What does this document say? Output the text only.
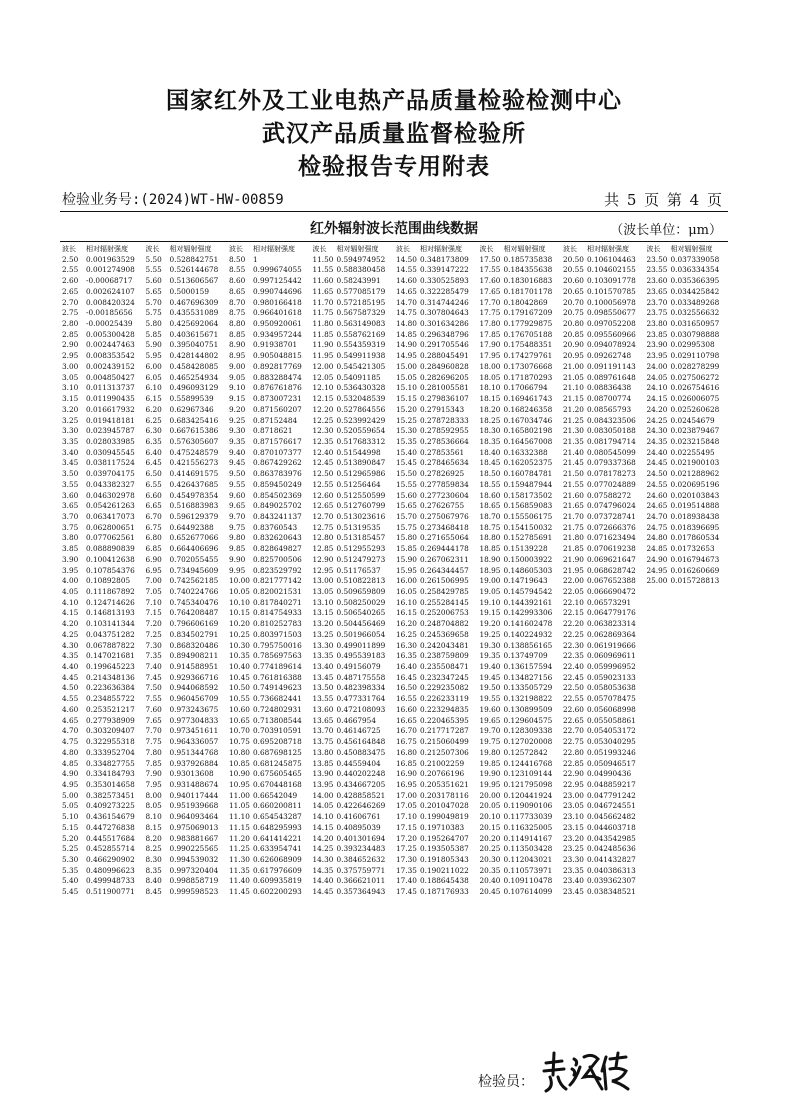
国家红外及工业电热产品质量检验检测中心
武汉产品质量监督检验所
检验报告专用附表
检验业务号:(2024)WT-HW-00859	共 5 页 第 4 页
红外辐射波长范围曲线数据	（波长单位：μm）
波长	相对辐射强度
2.50	0.001963529
2.55	0.001274908
2.60	-0.00068717
2.65	0.002624107
2.70	0.008420324
2.75	-0.00185656
2.80	-0.00025439
2.85	0.005300428
2.90	0.002447463
2.95	0.008353542
3.00	0.002439152
3.05	0.004850427
3.10	0.011313737
3.15	0.011990435
3.20	0.016617932
3.25	0.019418181
3.30	0.023945787
3.35	0.028033985
3.40	0.030945545
3.45	0.038117524
3.50	0.039704175
3.55	0.043382327
3.60	0.046302978
3.65	0.054261263
3.70	0.063417073
3.75	0.062800651
3.80	0.077062561
3.85	0.088890839
3.90	0.100412638
3.95	0.107854376
4.00	0.10892805
4.05	0.111867892
4.10	0.124714626
4.15	0.146813193
4.20	0.103141344
4.25	0.043751282
4.30	0.067887822
4.35	0.147021681
4.40	0.199645223
4.45	0.214348136
4.50	0.223636384
4.55	0.234855722
4.60	0.253521217
4.65	0.277938909
4.70	0.303209407
4.75	0.322955318
4.80	0.333952704
4.85	0.334827755
4.90	0.334184793
4.95	0.353014658
5.00	0.382573451
5.05	0.409273225
5.10	0.436154679
5.15	0.447276838
5.20	0.445517684
5.25	0.452855714
5.30	0.466290902
5.35	0.480996623
5.40	0.499948733
5.45	0.511900771
波长	相对辐射强度
5.50	0.528842751
5.55	0.526144678
5.60	0.513606567
5.65	0.5000159
5.70	0.467696309
5.75	0.435531089
5.80	0.425692064
5.85	0.403615671
5.90	0.395040751
5.95	0.428144802
6.00	0.458428085
6.05	0.465254934
6.10	0.496093129
6.15	0.55899539
6.20	0.62967346
6.25	0.683425416
6.30	0.667615386
6.35	0.576305607
6.40	0.475248579
6.45	0.421556273
6.50	0.414691575
6.55	0.426437685
6.60	0.454978354
6.65	0.516883983
6.70	0.596129379
6.75	0.64492388
6.80	0.652677066
6.85	0.664406696
6.90	0.702055455
6.95	0.734945609
7.00	0.742562185
7.05	0.740224766
7.10	0.745340476
7.15	0.764208487
7.20	0.796606169
7.25	0.834502791
7.30	0.868320486
7.35	0.894908211
7.40	0.914588951
7.45	0.929366716
7.50	0.944068592
7.55	0.960456709
7.60	0.973243675
7.65	0.977304833
7.70	0.973451611
7.75	0.964336057
7.80	0.951344768
7.85	0.937926884
7.90	0.93013608
7.95	0.931488674
8.00	0.940117444
8.05	0.951939668
8.10	0.964093464
8.15	0.975069013
8.20	0.983881667
8.25	0.990225565
8.30	0.994539032
8.35	0.997320404
8.40	0.998858719
8.45	0.999598523
波长	相对辐射强度
8.50	1
8.55	0.999674055
8.60	0.997125442
8.65	0.990744696
8.70	0.980166418
8.75	0.966401618
8.80	0.950920061
8.85	0.934957244
8.90	0.91938701
8.95	0.905048815
9.00	0.892817769
9.05	0.883288474
9.10	0.876761876
9.15	0.873007231
9.20	0.871560207
9.25	0.87152484
9.30	0.8718621
9.35	0.871576617
9.40	0.870107377
9.45	0.867429262
9.50	0.863783976
9.55	0.859450249
9.60	0.854502369
9.65	0.849025702
9.70	0.843241137
9.75	0.83760543
9.80	0.832620643
9.85	0.828649827
9.90	0.825700506
9.95	0.823529792
10.00 0.821777142
10.05 0.820021531
10.10 0.817840271
10.15 0.814754933
10.20 0.810252783
10.25 0.803971503
10.30 0.795750016
10.35 0.785697563
10.40 0.774189614
10.45 0.761816388
10.50 0.749149623
10.55 0.736682441
10.60 0.724802931
10.65 0.713808544
10.70 0.703910591
10.75 0.695208718
10.80 0.687698125
10.85 0.681245875
10.90 0.675605465
10.95 0.670448168
11.00 0.66542049
11.05 0.660200811
11.10 0.654543287
11.15 0.648295993
11.20 0.641414221
11.25 0.633954741
11.30 0.626068909
11.35 0.617976609
11.40 0.609935819
11.45 0.602200293
波长	相对辐射强度
11.50 0.594974952
11.55 0.588380458
11.60 0.58243991
11.65 0.577085179
11.70 0.572185195
11.75 0.567587329
11.80 0.563149083
11.85 0.558762169
11.90 0.554359319
11.95 0.549911938
12.00 0.545421305
12.05 0.54091185
12.10 0.536430328
12.15 0.532048539
12.20 0.527864556
12.25 0.523992429
12.30 0.520559654
12.35 0.517683312
12.40 0.51544998
12.45 0.513890847
12.50 0.512965986
12.55 0.51256464
12.60 0.512550599
12.65 0.512760799
12.70 0.513023616
12.75 0.51319535
12.80 0.513185457
12.85 0.512955293
12.90 0.512479273
12.95 0.51176537
13.00 0.510822813
13.05 0.509659809
13.10 0.508250029
13.15 0.506540265
13.20 0.504456469
13.25 0.501966054
13.30 0.499011899
13.35 0.495539183
13.40 0.49156079
13.45 0.487175558
13.50 0.482398334
13.55 0.477331764
13.60 0.472108093
13.65 0.4667954
13.70 0.46146725
13.75 0.456164848
13.80 0.450883475
13.85 0.44559404
13.90 0.440202248
13.95 0.434667205
14.00 0.428858521
14.05 0.422646269
14.10 0.41606761
14.15 0.40895039
14.20 0.401301694
14.25 0.393234483
14.30 0.384652632
14.35 0.375759771
14.40 0.366621011
14.45 0.357364943
波长	相对辐射强度
14.50 0.348173809
14.55 0.339147222
14.60 0.330525893
14.65 0.322285479
14.70 0.314744246
14.75 0.307804643
14.80 0.301634286
14.85 0.296348796
14.90 0.291705546
14.95 0.288045491
15.00 0.284960828
15.05 0.282696205
15.10 0.281005581
15.15 0.279836107
15.20 0.27915343
15.25 0.278728333
15.30 0.278592955
15.35 0.278536664
15.40 0.27853561
15.45 0.278465634
15.50 0.27826925
15.55 0.277859834
15.60 0.277230604
15.65 0.27626755
15.70 0.275067976
15.75 0.273468418
15.80 0.271655064
15.85 0.269444178
15.90 0.267062311
15.95 0.264344457
16.00 0.261506995
16.05 0.258429785
16.10 0.255284145
16.15 0.252006753
16.20 0.248704882
16.25 0.245369658
16.30 0.242043481
16.35 0.238759809
16.40 0.235508471
16.45 0.232347245
16.50 0.229235082
16.55 0.226233119
16.60 0.223294835
16.65 0.220465395
16.70 0.217717287
16.75 0.215060499
16.80 0.212507306
16.85 0.21002259
16.90 0.20766196
16.95 0.205351621
17.00 0.203178116
17.05 0.201047028
17.10 0.199049819
17.15 0.19710383
17.20 0.195264707
17.25 0.193505387
17.30 0.191805343
17.35 0.190211022
17.40 0.188645438
17.45 0.187176933
波长	相对辐射强度
17.50 0.185735838
17.55 0.184355638
17.60 0.183016883
17.65 0.181701178
17.70 0.18042869
17.75 0.179167209
17.80 0.177929875
17.85 0.176705188
17.90 0.175488351
17.95 0.174279761
18.00 0.173076668
18.05 0.171870293
18.10 0.17066794
18.15 0.169461743
18.20 0.168246358
18.25 0.167034746
18.30 0.165802198
18.35 0.164567008
18.40 0.16332388
18.45 0.162052375
18.50 0.160784781
18.55 0.159487944
18.60 0.158173502
18.65 0.156859083
18.70 0.155506175
18.75 0.154150032
18.80 0.152785691
18.85 0.15139228
18.90 0.150003922
18.95 0.148605303
19.00 0.14719643
19.05 0.145794542
19.10 0.144392161
19.15 0.142993306
19.20 0.141602478
19.25 0.140224932
19.30 0.138856165
19.35 0.13749709
19.40 0.136157594
19.45 0.134827156
19.50 0.133505729
19.55 0.132198822
19.60 0.130899509
19.65 0.129604575
19.70 0.128309338
19.75 0.127020008
19.80 0.12572842
19.85 0.124416768
19.90 0.123109144
19.95 0.121795098
20.00 0.120441924
20.05 0.119090106
20.10 0.117733039
20.15 0.116325005
20.20 0.114914167
20.25 0.113503428
20.30 0.112043021
20.35 0.110573971
20.40 0.109110478
20.45 0.107614099
波长	相对辐射强度
20.50 0.106104463
20.55 0.104602155
20.60 0.103091778
20.65 0.101570785
20.70 0.100056978
20.75 0.098550677
20.80 0.097052208
20.85 0.095560966
20.90 0.094078924
20.95 0.09262748
21.00 0.091191143
21.05 0.089761648
21.10 0.08836438
21.15 0.08700774
21.20 0.08565793
21.25 0.084323506
21.30 0.083050188
21.35 0.081794714
21.40 0.080545099
21.45 0.079337368
21.50 0.078178273
21.55 0.077024889
21.60 0.07588272
21.65 0.074796024
21.70 0.073728741
21.75 0.072666376
21.80 0.071623494
21.85 0.070619238
21.90 0.069621647
21.95 0.068628742
22.00 0.067652388
22.05 0.066690472
22.10 0.06573291
22.15 0.064779176
22.20 0.063823314
22.25 0.062869364
22.30 0.061919666
22.35 0.060969611
22.40 0.059996952
22.45 0.059023133
22.50 0.058053638
22.55 0.057078475
22.60 0.056068998
22.65 0.055058861
22.70 0.054053172
22.75 0.053040295
22.80 0.051993246
22.85 0.050946517
22.90 0.04990436
22.95 0.048859217
23.00 0.047791242
23.05 0.046724551
23.10 0.045662482
23.15 0.044603718
23.20 0.043542985
23.25 0.042485636
23.30 0.041432827
23.35 0.040386313
23.40 0.039362307
23.45 0.038348521
波长	相对辐射强度
23.50 0.037339058
23.55 0.036334354
23.60 0.035366395
23.65 0.034425842
23.70 0.033489268
23.75 0.032556632
23.80 0.031650957
23.85 0.030798888
23.90 0.02995308
23.95 0.029110798
24.00 0.028278299
24.05 0.027506272
24.10 0.026754616
24.15 0.026006075
24.20 0.025260628
24.25 0.02454679
24.30 0.023879467
24.35 0.023215848
24.40 0.02255495
24.45 0.021900103
24.50 0.021288962
24.55 0.020695196
24.60 0.020103843
24.65 0.019514888
24.70 0.018938438
24.75 0.018396695
24.80 0.017860534
24.85 0.01732653
24.90 0.016794673
24.95 0.016260669
25.00 0.015728813
检验员：
